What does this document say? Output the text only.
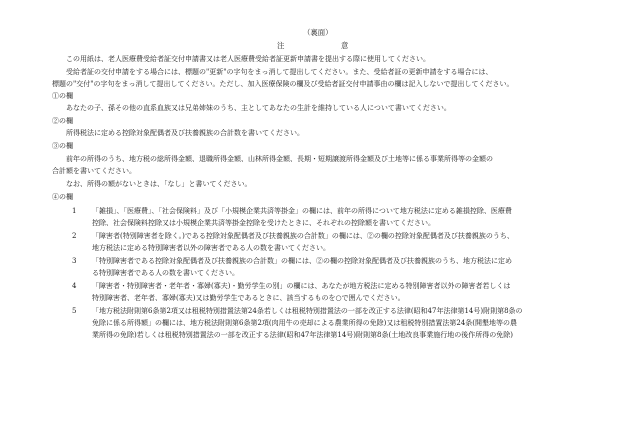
（裏面）
注	意
この用紙は、老人医療費受給者証交付申請書又は老人医療費受給者証更新申請書を提出する際に使用してください。
受給者証の交付申請をする場合には、標題の"更新"の字句をまっ消して提出してください。また、受給者証の更新申請をする場合には、
標題の"交付"の字句をまっ消して提出してください。ただし、加入医療保険の欄及び受給者証交付申請事由の欄は記入しないで提出してください。
①の欄
あなたの子、孫その他の直系血族又は兄弟姉妹のうち、主としてあなたの生計を維持している人について書いてください。
②の欄
所得税法に定める控除対象配偶者及び扶養親族の合計数を書いてください。
③の欄
前年の所得のうち、地方税の総所得金額、退職所得金額、山林所得金額、長期・短期譲渡所得金額及び土地等に係る事業所得等の金額の
合計額を書いてください。
なお、所得の額がないときは、「なし」と書いてください。
④の欄
1 「雑損」、「医療費」、「社会保険料」及び「小規模企業共済等掛金」の欄には、前年の所得について地方税法に定める雑損控除、医療費
控除、社会保険料控除又は小規模企業共済等掛金控除を受けたときに、それぞれの控除額を書いてください。
2 「障害者(特別障害者を除く。)である控除対象配偶者及び扶養親族の合計数」の欄には、②の欄の控除対象配偶者及び扶養親族のうち、
地方税法に定める特別障害者以外の障害者である人の数を書いてください。
3 「特別障害者である控除対象配偶者及び扶養親族の合計数」の欄には、②の欄の控除対象配偶者及び扶養親族のうち、地方税法に定め
る特別障害者である人の数を書いてください。
4 「障害者・特別障害者・老年者・寡婦(寡夫)・勤労学生の別」の欄には、あなたが地方税法に定める特別障害者以外の障害者若しくは
特別障害者、老年者、寡婦(寡夫)又は勤労学生であるときに、該当するものを○で囲んでください。
5 「地方税法附則第6条第2項又は租税特別措置法第24条若しくは租税特別措置法の一部を改正する法律(昭和47年法律第14号)附則第8条の
免除に係る所得額」の欄には、地方税法附則第6条第2項(肉用牛の売却による農業所得の免除)又は租税特別措置法第24条(開墾地等の農
業所得の免除)若しくは租税特別措置法の一部を改正する法律(昭和47年法律第14号)附則第8条(土地改良事業施行地の後作所得の免除)
